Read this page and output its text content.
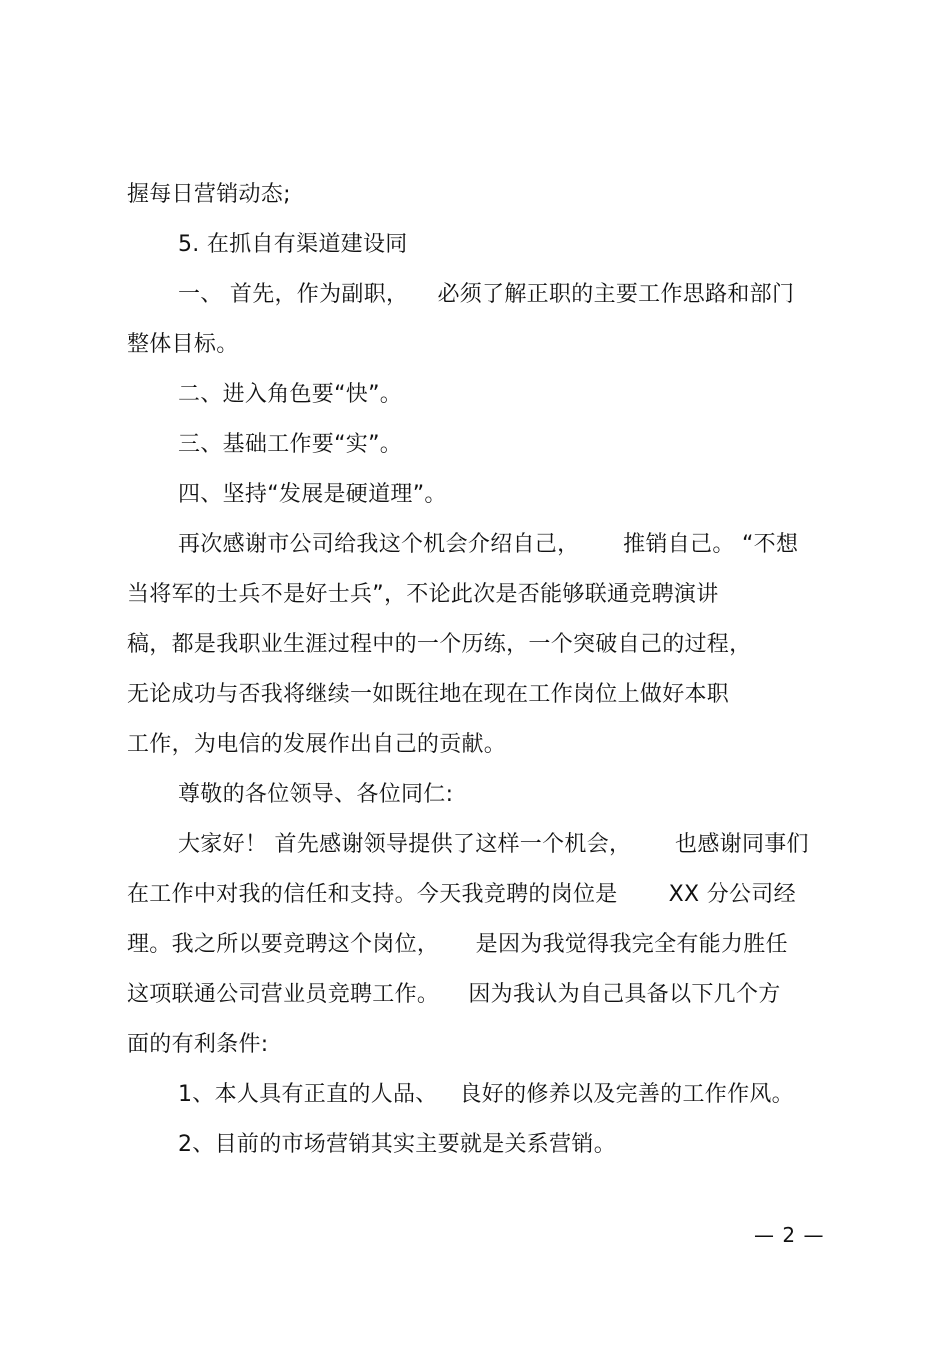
握每日营销动态;
5. 在抓自有渠道建设同
一、 首先，作为副职，    必须了解正职的主要工作思路和部门
整体目标。
二、进入角色要“快”。
三、基础工作要“实”。
四、坚持“发展是硬道理”。
再次感谢市公司给我这个机会介绍自己，      推销自己。 “不想
当将军的士兵不是好士兵”，不论此次是否能够联通竞聘演讲
稿，都是我职业生涯过程中的一个历练，一个突破自己的过程，
无论成功与否我将继续一如既往地在现在工作岗位上做好本职
工作，为电信的发展作出自己的贡献。
尊敬的各位领导、各位同仁:
大家好！ 首先感谢领导提供了这样一个机会，      也感谢同事们
在工作中对我的信任和支持。今天我竞聘的岗位是       XX 分公司经
理。我之所以要竞聘这个岗位，     是因为我觉得我完全有能力胜任
这项联通公司营业员竞聘工作。    因为我认为自己具备以下几个方
面的有利条件:
1、本人具有正直的人品、   良好的修养以及完善的工作作风。
2、目前的市场营销其实主要就是关系营销。
— 2 —
